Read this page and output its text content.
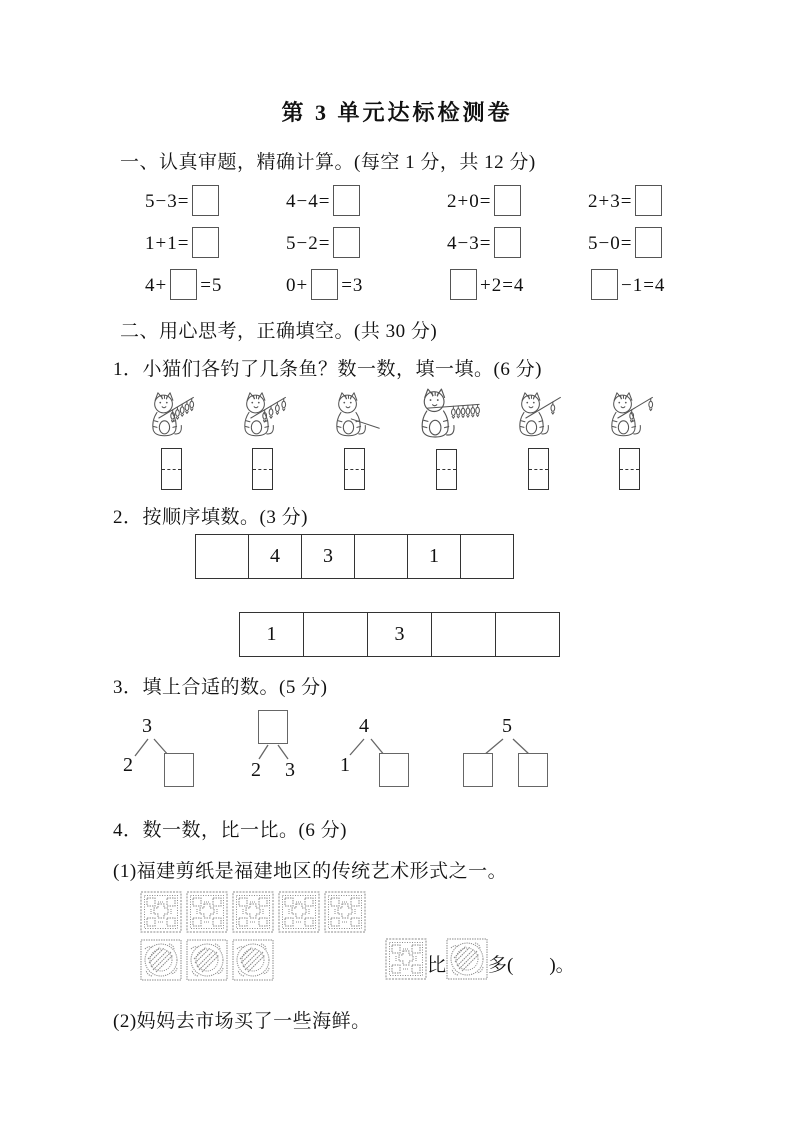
第 3 单元达标检测卷
一、认真审题，精确计算。(每空 1 分，共 12 分)
5−3=	4−4=	2+0=	2+3=
1+1=	5−2=	4−3=	5−0=
4+ =5	0+ =3	+2=4	−1=4
二、用心思考，正确填空。(共 30 分)
1．小猫们各钓了几条鱼？数一数，填一填。(6 分)
2．按顺序填数。(3 分)
4	3	1
1	3
3．填上合适的数。(5 分)
3
2	2 3
4
1
5
4．数一数，比一比。(6 分)
(1)福建剪纸是福建地区的传统艺术形式之一。
比 多( )。
(2)妈妈去市场买了一些海鲜。
